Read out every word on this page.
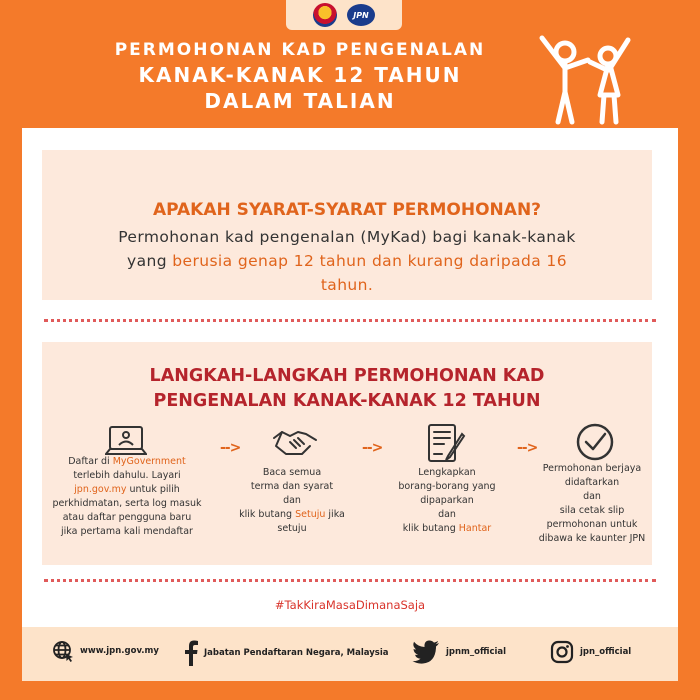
JPN
PERMOHONAN KAD PENGENALAN
KANAK-KANAK 12 TAHUN
DALAM TALIAN
APAKAH SYARAT-SYARAT PERMOHONAN?
Permohonan kad pengenalan (MyKad) bagi kanak-kanak
yang berusia genap 12 tahun dan kurang daripada 16
tahun.
LANGKAH-LANGKAH PERMOHONAN KAD
PENGENALAN KANAK-KANAK 12 TAHUN
-->	-->	-->
Daftar di MyGovernment
terlebih dahulu. Layari
jpn.gov.my untuk pilih
perkhidmatan, serta log masuk
atau daftar pengguna baru
jika pertama kali mendaftar
Baca semua
terma dan syarat
dan
klik butang Setuju jika
setuju
Lengkapkan
borang-borang yang
dipaparkan
dan
klik butang Hantar
Permohonan berjaya
didaftarkan
dan
sila cetak slip
permohonan untuk
dibawa ke kaunter JPN
#TakKiraMasaDimanaSaja
www.jpn.gov.my	Jabatan Pendaftaran Negara, Malaysia	jpnm_official	jpn_official
